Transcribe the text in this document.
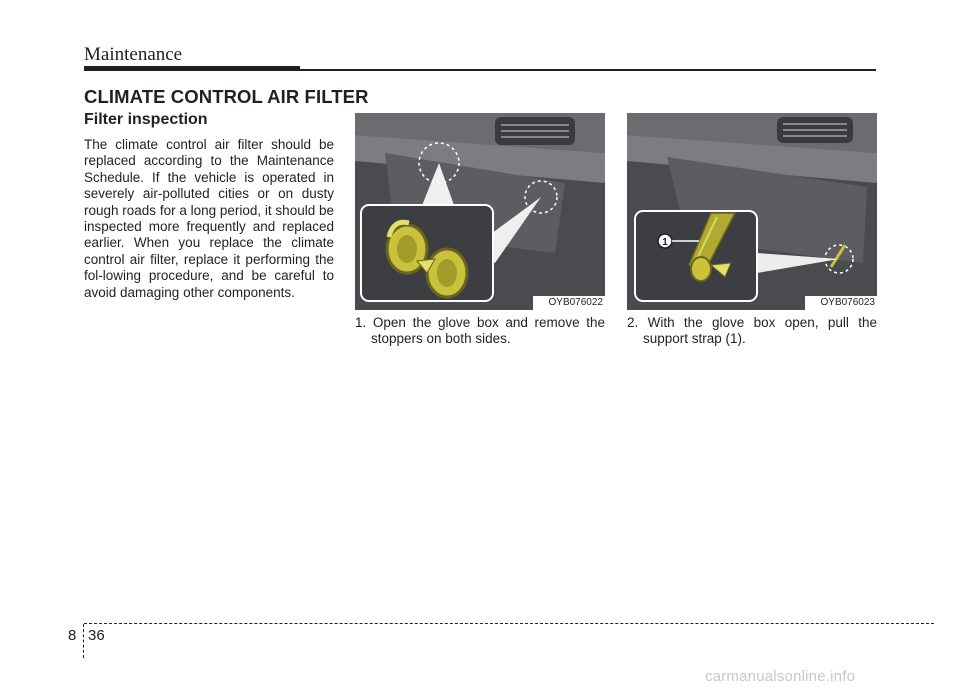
Maintenance
CLIMATE CONTROL AIR FILTER
Filter inspection
The climate control air filter should be replaced according to the Maintenance Schedule. If the vehicle is operated in severely air-polluted cities or on dusty rough roads for a long period, it should be inspected more frequently and replaced earlier. When you replace the climate control air filter, replace it performing the fol-lowing procedure, and be careful to avoid damaging other components.
OYB076022
1. Open the glove box and remove the stoppers on both sides.
1
OYB076023
2. With the glove box open, pull the support strap (1).
8 36
carmanualsonline.info
